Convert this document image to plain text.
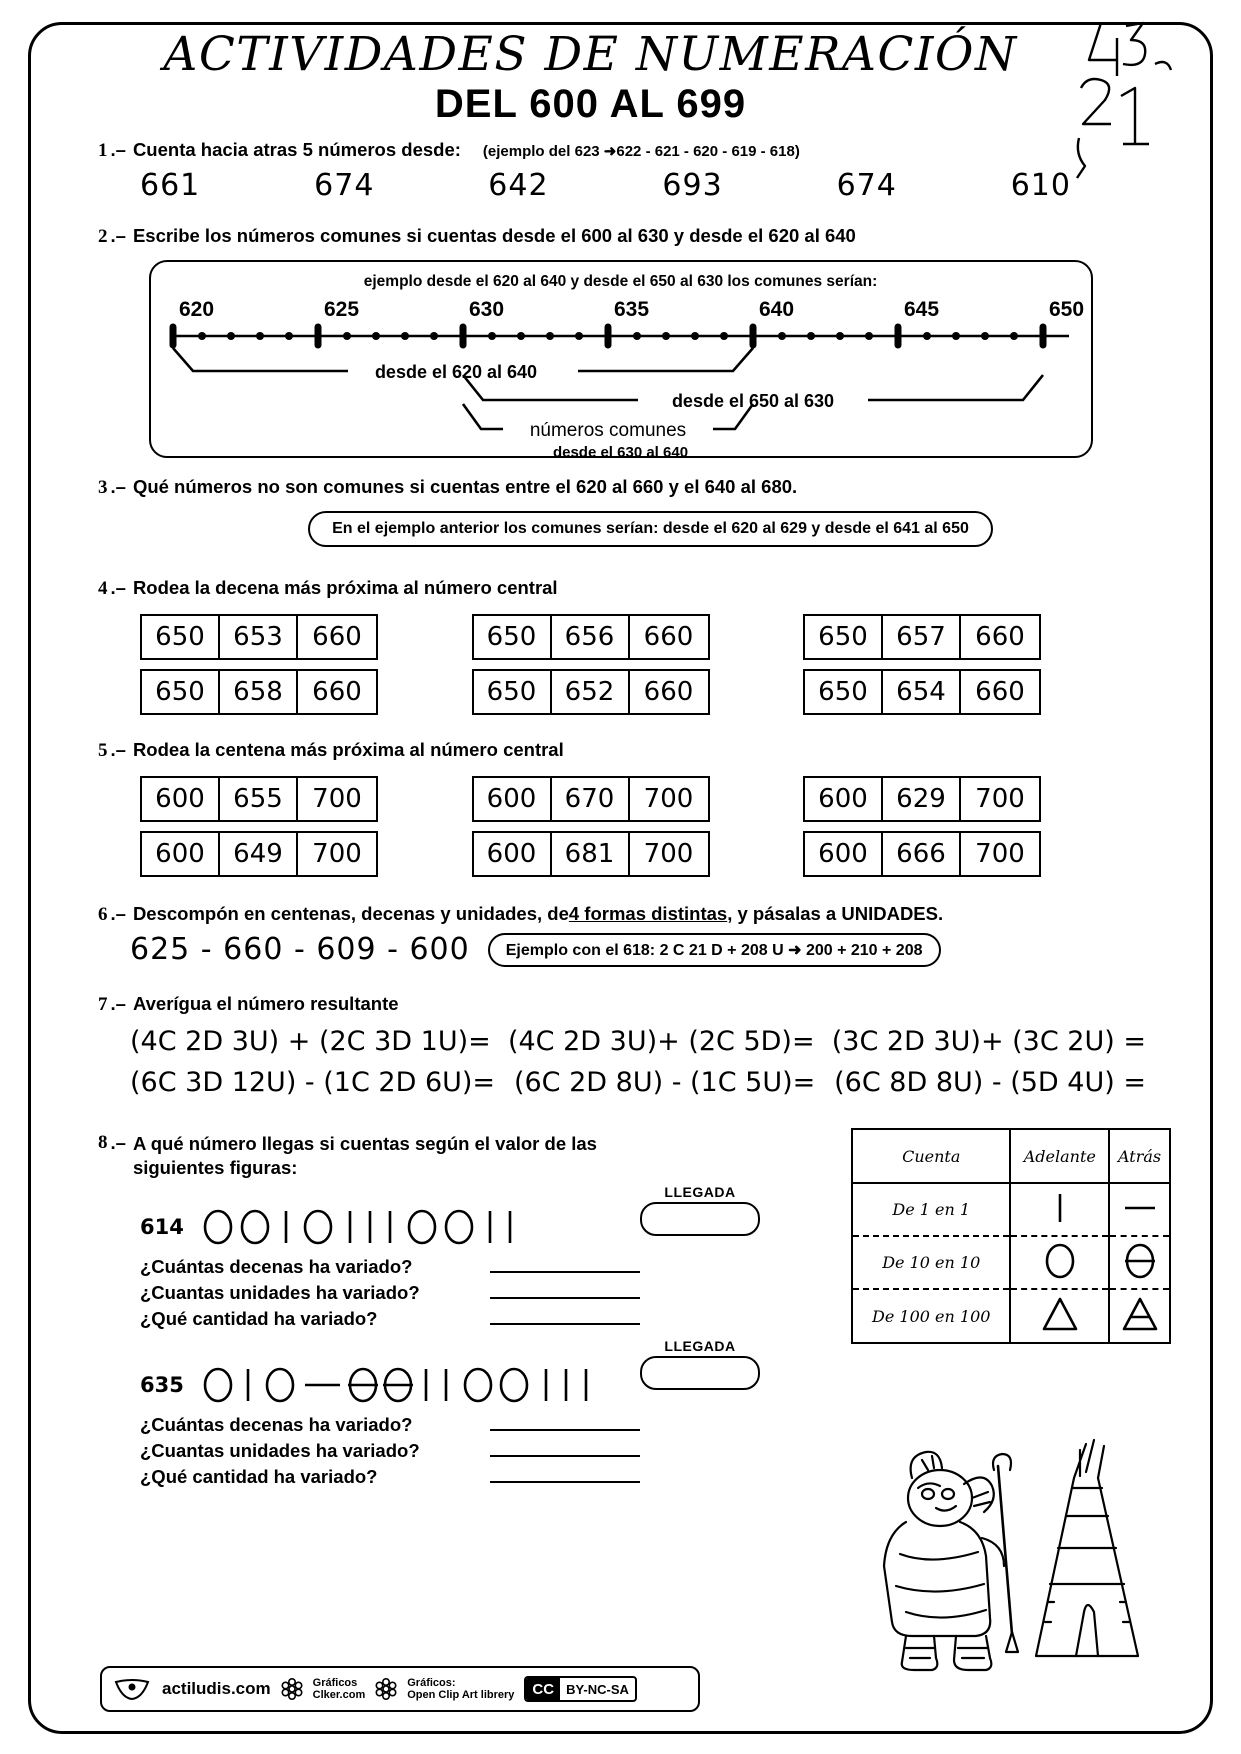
ACTIVIDADES DE NUMERACIÓN
DEL 600 AL 699
1 .– Cuenta hacia atras 5 números desde: (ejemplo del 623 ➜622 - 621 - 620 - 619 - 618)
661	674	642	693	674	610
2 .– Escribe los números comunes si cuentas desde el 600 al 630 y desde el 620 al 640
ejemplo desde el 620 al 640 y desde el 650 al 630 los comunes serían:
620	625	630	635	640	645	650
desde el 620 al 640
desde el 650 al 630
números comunes
desde el 630 al 640
3 .– Qué números no son comunes si cuentas entre el 620 al 660 y el 640 al 680.
En el ejemplo anterior los comunes serían: desde el 620 al 629 y desde el 641 al 650
4 .– Rodea la decena más próxima al número central
650	653	660	650	656	660	650	657	660
650	658	660	650	652	660	650	654	660
5 .– Rodea la centena más próxima al número central
600	655	700	600	670	700	600	629	700
600	649	700	600	681	700	600	666	700
6 .– Descompón en centenas, decenas y unidades, de 4 formas distintas , y pásalas a UNIDADES.
625 - 660 - 609 - 600	Ejemplo con el 618: 2 C 21 D + 208 U ➜ 200 + 210 + 208
7 .– Averígua el número resultante
(4C 2D 3U) + (2C 3D 1U)= (4C 2D 3U)+ (2C 5D)= (3C 2D 3U)+ (3C 2U) =
(6C 3D 12U) - (1C 2D 6U)= (6C 2D 8U) - (1C 5U)= (6C 8D 8U) - (5D 4U) =
8 .– A qué número llegas si cuentas según el valor de las
siguientes figuras:
LLEGADA
614
¿Cuántas decenas ha variado?
¿Cuantas unidades ha variado?
¿Qué cantidad ha variado?
LLEGADA
635
¿Cuántas decenas ha variado?
¿Cuantas unidades ha variado?
¿Qué cantidad ha variado?
Cuenta	Adelante	Atrás
De 1 en 1		
De 10 en 10		
De 100 en 100		
actiludis.com	Gráficos
Clker.com
Gráficos:
Open Clip Art librery	CC BY-NC-SA
